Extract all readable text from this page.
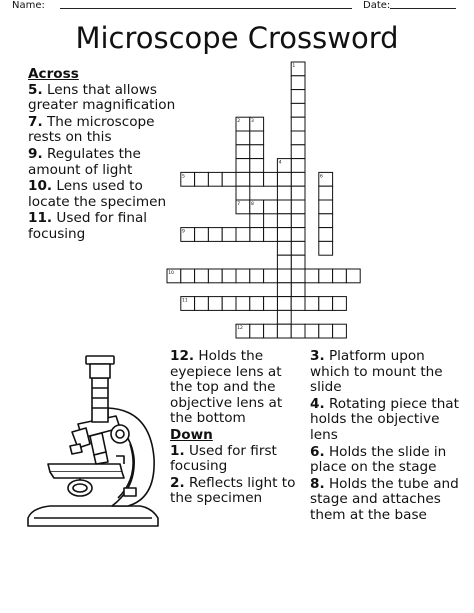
Name:	Date:
Microscope Crossword
Across
5. Lens that allows greater magnification
7. The microscope rests on this
9. Regulates the amount of light
10. Lens used to locate the specimen
11. Used for final focusing
12. Holds the eyepiece lens at the top and the objective lens at the bottom
Down
1. Used for first focusing
2. Reflects light to the specimen
3. Platform upon which to mount the slide
4. Rotating piece that holds the objective lens
6. Holds the slide in place on the stage
8. Holds the tube and stage and attaches them at the base
1
2 3
4
5	6
7 8
9
10
11
12
